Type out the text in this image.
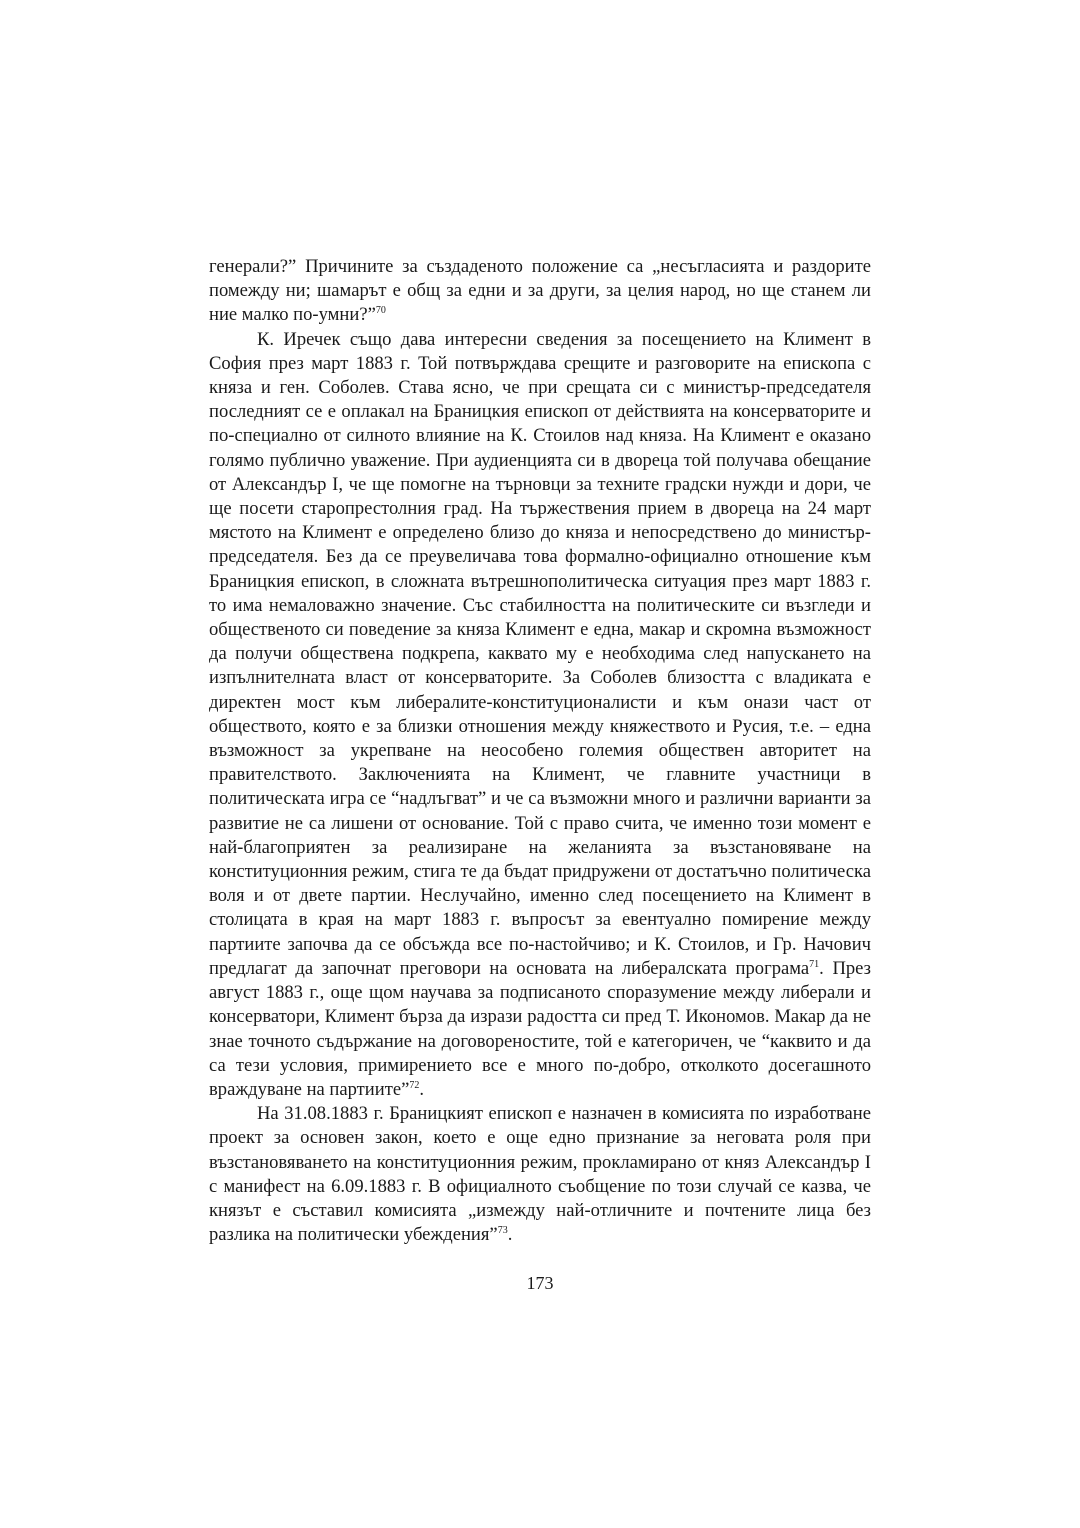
генерали?” Причините за създаденото положение са „несъгласията и раздорите помежду ни; шамарът е общ за едни и за други, за целия народ, но ще станем ли ние малко по-умни?”$^{70}$

К. Иречек също дава интересни сведения за посещението на Климент в София през март 1883 г. Той потвърждава срещите и разговорите на епископа с княза и ген. Соболев. Става ясно, че при срещата си с министър-председателя последният се е оплакал на Браницкия епископ от действията на консерваторите и по-специално от силното влияние на К. Стоилов над княза. На Климент е оказано голямо публично уважение. При аудиенцията си в двореца той получава обещание от Александър I, че ще помогне на търновци за техните градски нужди и дори, че ще посети старопрестолния град. На тържествения прием в двореца на 24 март мястото на Климент е определено близо до княза и непосредствено до министър-председателя. Без да се преувеличава това формално-официално отношение към Браницкия епископ, в сложната вътрешнополитическа ситуация през март 1883 г. то има немаловажно значение. Със стабилността на политическите си възгледи и общественото си поведение за княза Климент е една, макар и скромна възможност да получи обществена подкрепа, каквато му е необходима след напускането на изпълнителната власт от консерваторите. За Соболев близостта с владиката е директен мост към либералите-конституционалисти и към онази част от обществото, която е за близки отношения между княжеството и Русия, т.е. – една възможност за укрепване на неособено големия обществен авторитет на правителството. Заключенията на Климент, че главните участници в политическата игра се “надлъгват” и че са възможни много и различни варианти за развитие не са лишени от основание. Той с право счита, че именно този момент е най-благоприятен за реализиране на желанията за възстановяване на конституционния режим, стига те да бъдат придружени от достатъчно политическа воля и от двете партии. Неслучайно, именно след посещението на Климент в столицата в края на март 1883 г. въпросът за евентуално помирение между партиите започва да се обсъжда все по-настойчиво; и К. Стоилов, и Гр. Начович предлагат да започнат преговори на основата на либералската програма$^{71}$. През август 1883 г., още щом научава за подписаното споразумение между либерали и консерватори, Климент бърза да изрази радостта си пред Т. Икономов. Макар да не знае точното съдържание на договореностите, той е категоричен, че “каквито и да са тези условия, примирението все е много по-добро, отколкото досегашното враждуване на партиите”$^{72}$.

На 31.08.1883 г. Браницкият епископ е назначен в комисията по изработване проект за основен закон, което е още едно признание за неговата роля при възстановяването на конституционния режим, прокламирано от княз Александър I с манифест на 6.09.1883 г. В официалното съобщение по този случай се казва, че князът е съставил комисията „измежду най-отличните и почтените лица без разлика на политически убеждения”$^{73}$.

173
